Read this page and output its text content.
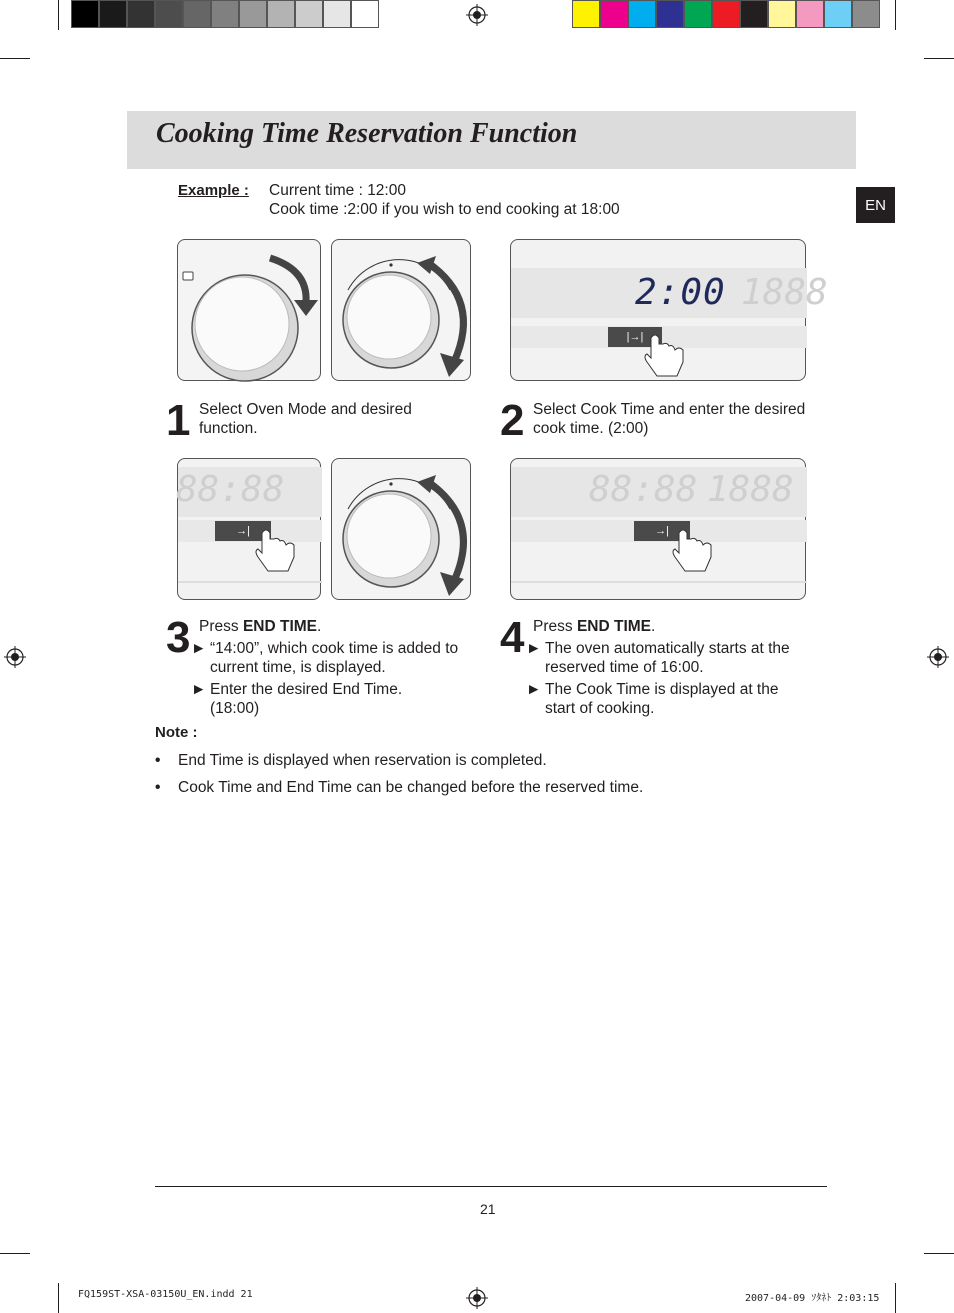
Cooking Time Reservation Function
EN
Example : Current time : 12:00
Cook time :2:00 if you wish to end cooking at 18:00
2:00 1888
|→|
1 Select Oven Mode and desired
function.	2 Select Cook Time and enter the desired
cook time. (2:00)
88:88
→|
88:88 1888
→|
3 Press END TIME.
► “14:00”, which cook time is added to
current time, is displayed.
► Enter the desired End Time.
(18:00)
4 Press END TIME.
► The oven automatically starts at the
reserved time of 16:00.
► The Cook Time is displayed at the
start of cooking.
Note :
• End Time is displayed when reservation is completed.
• Cook Time and End Time can be changed before the reserved time.
21
FQ159ST-XSA-03150U_EN.indd 21	2007-04-09 ｿﾀﾈﾄ 2:03:15
